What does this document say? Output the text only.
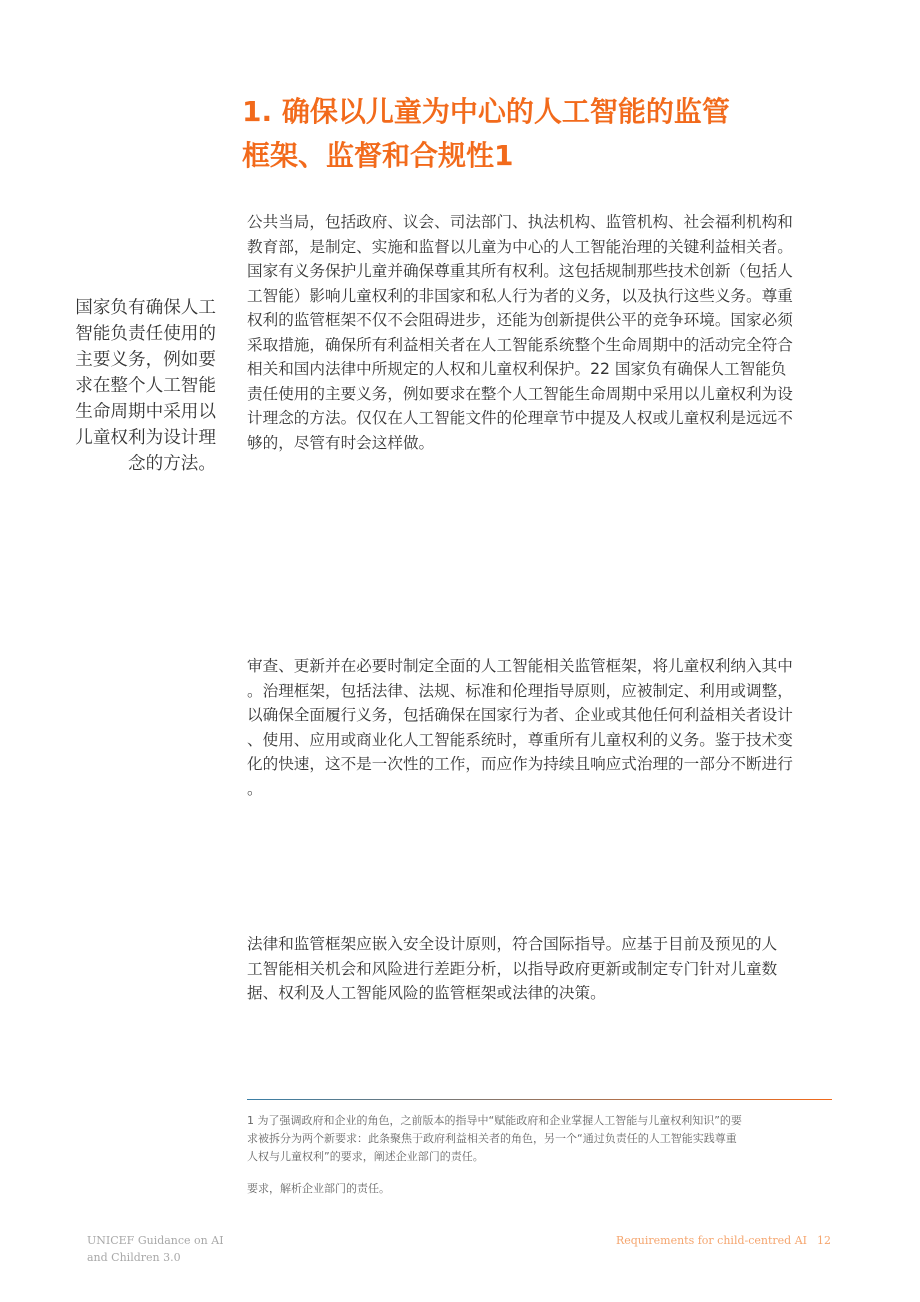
1. 确保以儿童为中心的人工智能的监管
框架、监督和合规性1
国家负有确保人工
智能负责任使用的
主要义务，例如要
求在整个人工智能
生命周期中采用以
儿童权利为设计理
念的方法。
公共当局，包括政府、议会、司法部门、执法机构、监管机构、社会福利机构和
教育部，是制定、实施和监督以儿童为中心的人工智能治理的关键利益相关者。
国家有义务保护儿童并确保尊重其所有权利。这包括规制那些技术创新（包括人
工智能）影响儿童权利的非国家和私人行为者的义务，以及执行这些义务。尊重
权利的监管框架不仅不会阻碍进步，还能为创新提供公平的竞争环境。国家必须
采取措施，确保所有利益相关者在人工智能系统整个生命周期中的活动完全符合
相关和国内法律中所规定的人权和儿童权利保护。22 国家负有确保人工智能负
责任使用的主要义务，例如要求在整个人工智能生命周期中采用以儿童权利为设
计理念的方法。仅仅在人工智能文件的伦理章节中提及人权或儿童权利是远远不
够的，尽管有时会这样做。
审查、更新并在必要时制定全面的人工智能相关监管框架，将儿童权利纳入其中
。治理框架，包括法律、法规、标准和伦理指导原则，应被制定、利用或调整，
以确保全面履行义务，包括确保在国家行为者、企业或其他任何利益相关者设计
、使用、应用或商业化人工智能系统时，尊重所有儿童权利的义务。鉴于技术变
化的快速，这不是一次性的工作，而应作为持续且响应式治理的一部分不断进行
。
法律和监管框架应嵌入安全设计原则，符合国际指导。应基于目前及预见的人
工智能相关机会和风险进行差距分析，以指导政府更新或制定专门针对儿童数
据、权利及人工智能风险的监管框架或法律的决策。
1 为了强调政府和企业的角色，之前版本的指导中“赋能政府和企业掌握人工智能与儿童权利知识”的要
求被拆分为两个新要求：此条聚焦于政府利益相关者的角色，另一个“通过负责任的人工智能实践尊重
人权与儿童权利”的要求，阐述企业部门的责任。
要求，解析企业部门的责任。
UNICEF Guidance on AI
and Children 3.0
Requirements for child-centred AI 12
